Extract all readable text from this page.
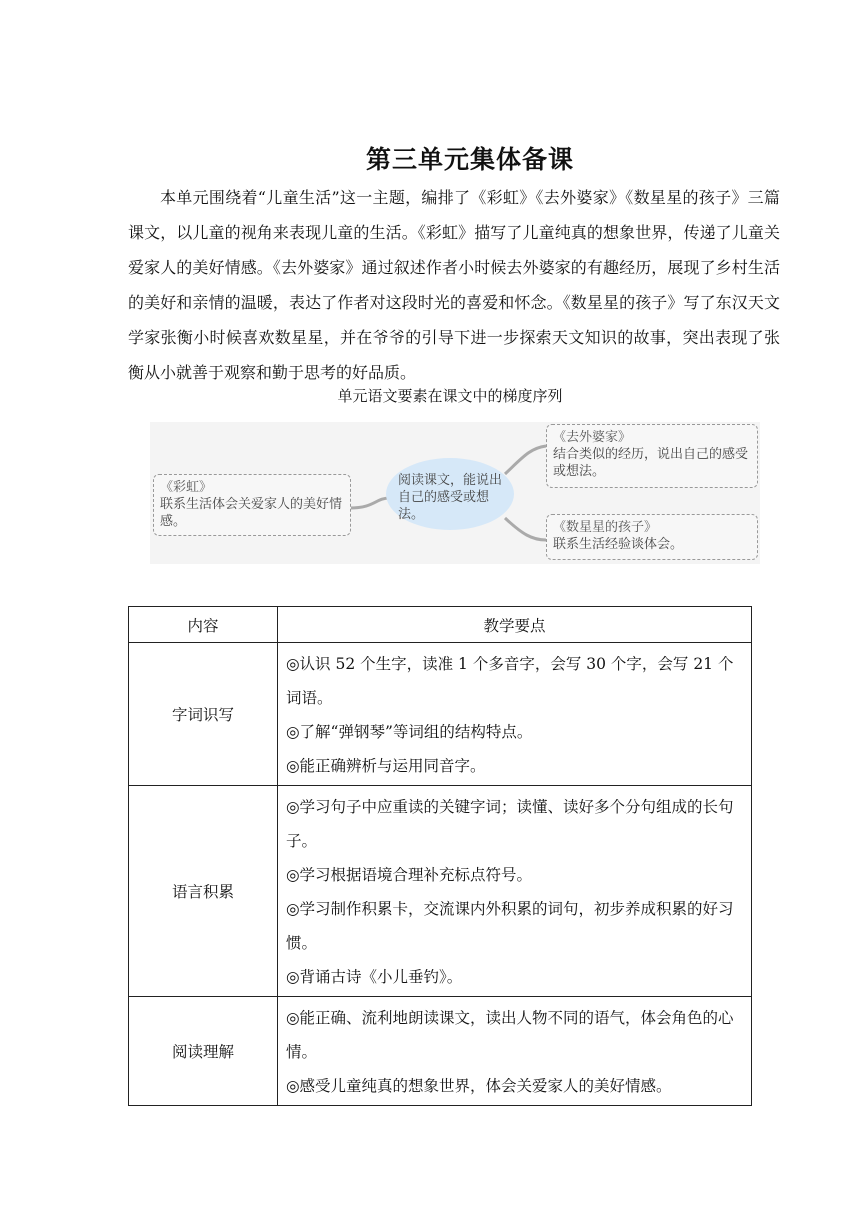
第三单元集体备课

本单元围绕着“儿童生活”这一主题，编排了《彩虹》《去外婆家》《数星星的孩子》三篇课文，以儿童的视角来表现儿童的生活。《彩虹》描写了儿童纯真的想象世界，传递了儿童关爱家人的美好情感。《去外婆家》通过叙述作者小时候去外婆家的有趣经历，展现了乡村生活的美好和亲情的温暖，表达了作者对这段时光的喜爱和怀念。《数星星的孩子》写了东汉天文学家张衡小时候喜欢数星星，并在爷爷的引导下进一步探索天文知识的故事，突出表现了张衡从小就善于观察和勤于思考的好品质。

单元语文要素在课文中的梯度序列
《彩虹》
联系生活体会关爱家人的美好情感。
阅读课文，能说出自己的感受或想法。
《去外婆家》
结合类似的经历，说出自己的感受或想法。
《数星星的孩子》
联系生活经验谈体会。
内容	教学要点
字词识写	◎认识 52 个生字，读准 1 个多音字，会写 30 个字，会写 21 个词语。
◎了解“弹钢琴”等词组的结构特点。
◎能正确辨析与运用同音字。

语言积累	◎学习句子中应重读的关键字词；读懂、读好多个分句组成的长句子。
◎学习根据语境合理补充标点符号。
◎学习制作积累卡，交流课内外积累的词句，初步养成积累的好习惯。
◎背诵古诗《小儿垂钓》。

阅读理解	◎能正确、流利地朗读课文，读出人物不同的语气，体会角色的心情。
◎感受儿童纯真的想象世界，体会关爱家人的美好情感。
